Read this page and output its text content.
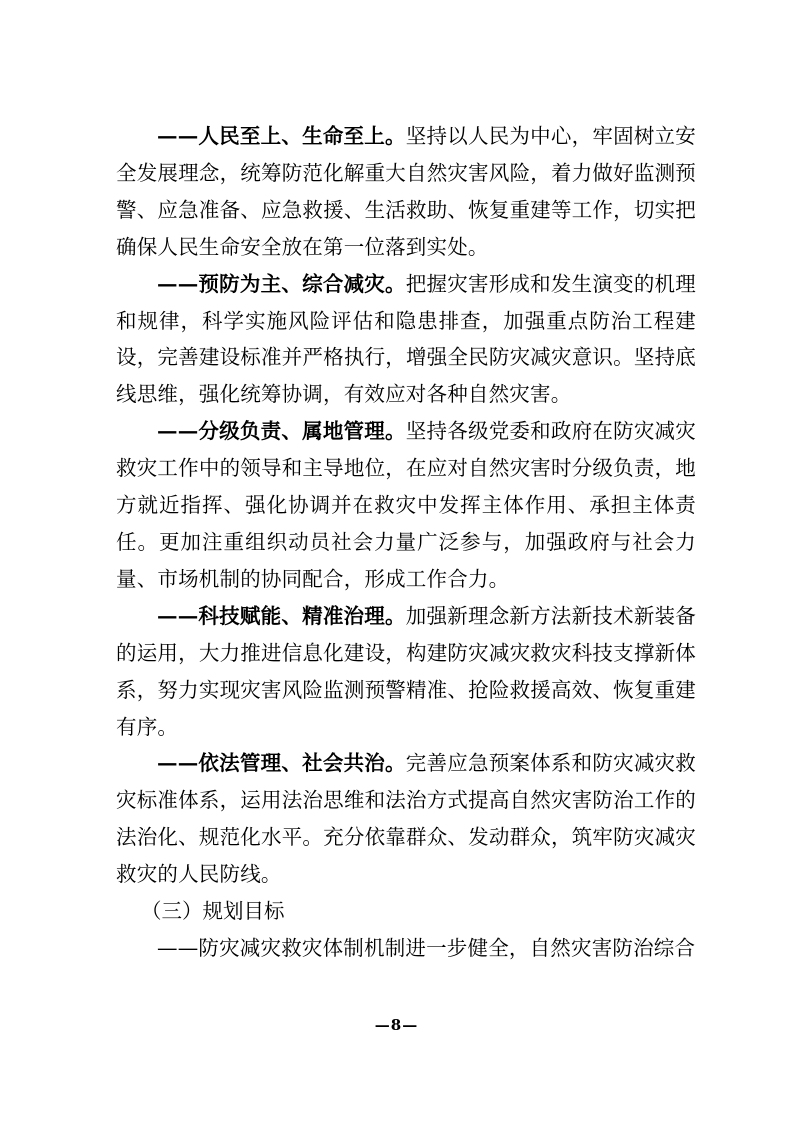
——人民至上、生命至上。坚持以人民为中心，牢固树立安全发展理念，统筹防范化解重大自然灾害风险，着力做好监测预警、应急准备、应急救援、生活救助、恢复重建等工作，切实把确保人民生命安全放在第一位落到实处。

——预防为主、综合减灾。把握灾害形成和发生演变的机理和规律，科学实施风险评估和隐患排查，加强重点防治工程建设，完善建设标准并严格执行，增强全民防灾减灾意识。坚持底线思维，强化统筹协调，有效应对各种自然灾害。

——分级负责、属地管理。坚持各级党委和政府在防灾减灾救灾工作中的领导和主导地位，在应对自然灾害时分级负责，地方就近指挥、强化协调并在救灾中发挥主体作用、承担主体责任。更加注重组织动员社会力量广泛参与，加强政府与社会力量、市场机制的协同配合，形成工作合力。

——科技赋能、精准治理。加强新理念新方法新技术新装备的运用，大力推进信息化建设，构建防灾减灾救灾科技支撑新体系，努力实现灾害风险监测预警精准、抢险救援高效、恢复重建有序。

——依法管理、社会共治。完善应急预案体系和防灾减灾救灾标准体系，运用法治思维和法治方式提高自然灾害防治工作的法治化、规范化水平。充分依靠群众、发动群众，筑牢防灾减灾救灾的人民防线。

（三）规划目标

——防灾减灾救灾体制机制进一步健全，自然灾害防治综合

—8—
